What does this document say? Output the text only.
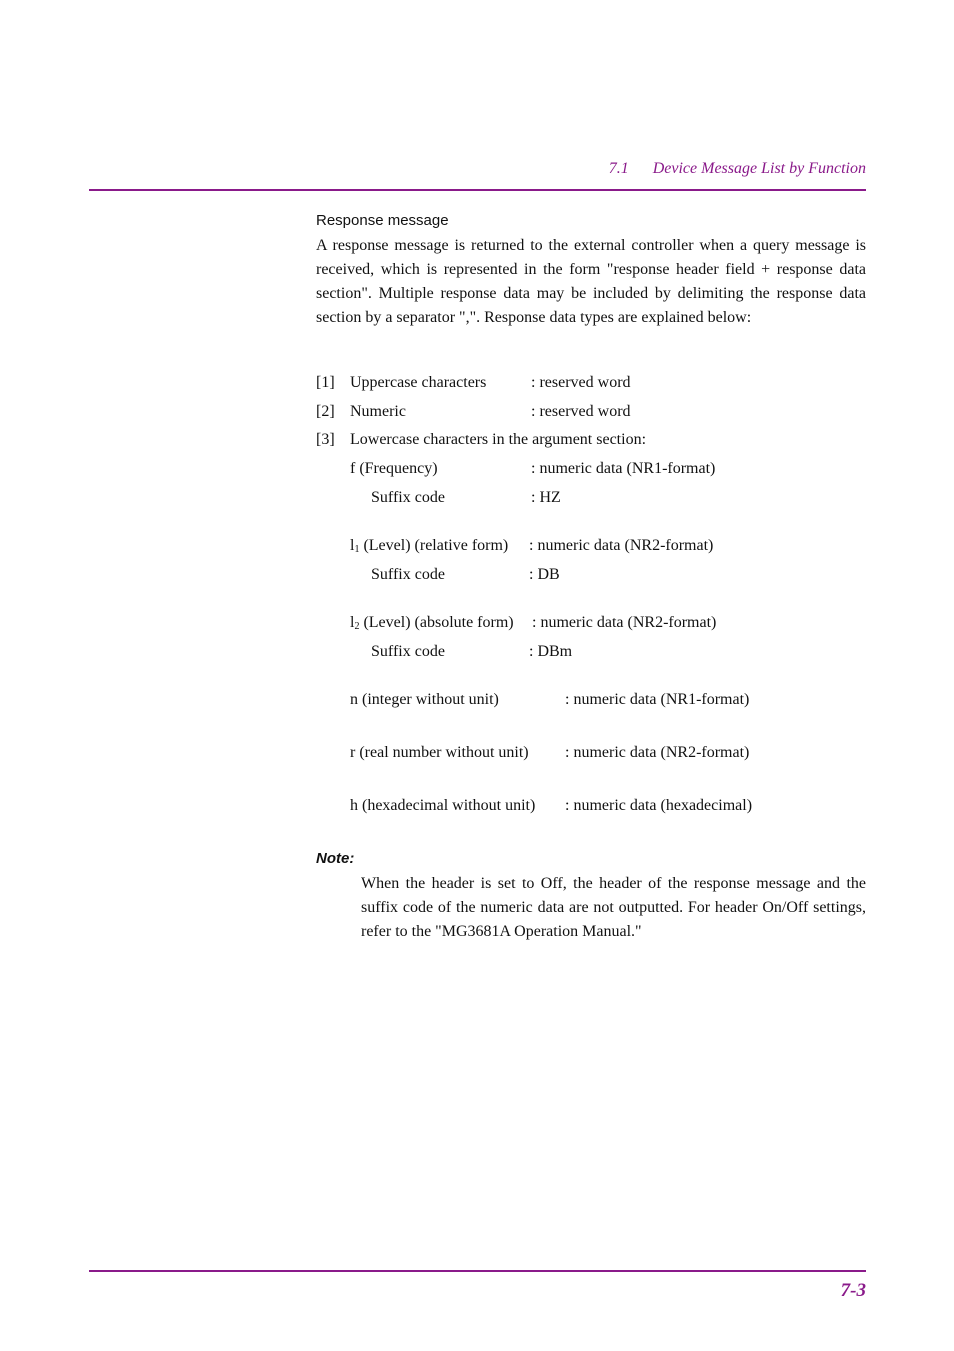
7.1 Device Message List by Function
Response message
A response message is returned to the external controller when a query message is received, which is represented in the form "response header field + response data section". Multiple response data may be included by delimiting the response data section by a separator ",". Response data types are explained below:
[1] Uppercase characters	: reserved word
[2] Numeric	: reserved word
[3] Lowercase characters in the argument section:
f (Frequency)	: numeric data (NR1-format)
Suffix code	: HZ
$l_1$ (Level) (relative form) : numeric data (NR2-format)
Suffix code	: DB
$l_2$ (Level) (absolute form) : numeric data (NR2-format)
Suffix code	: DBm
n (integer without unit)	: numeric data (NR1-format)
r (real number without unit) : numeric data (NR2-format)
h (hexadecimal without unit) : numeric data (hexadecimal)
Note:
When the header is set to Off, the header of the response message and the suffix code of the numeric data are not outputted. For header On/Off settings, refer to the "MG3681A Operation Manual."
7-3
